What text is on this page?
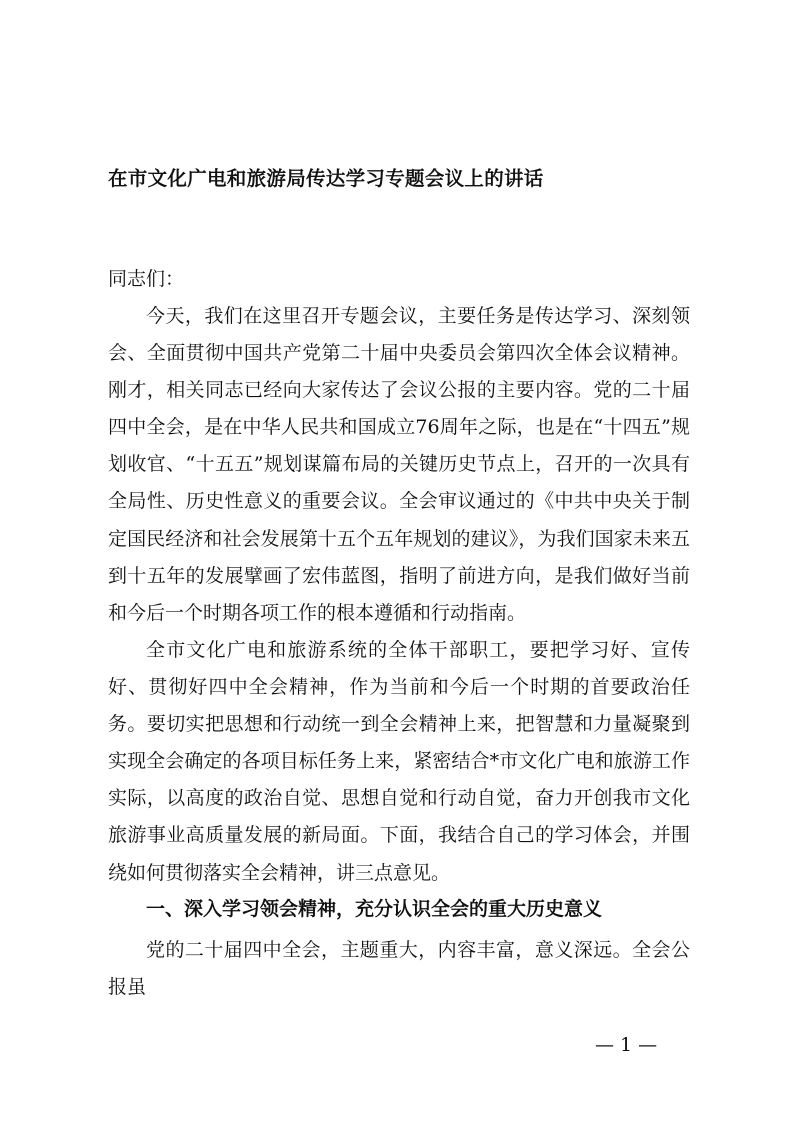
在市文化广电和旅游局传达学习专题会议上的讲话
同志们：

今天，我们在这里召开专题会议，主要任务是传达学习、深刻领会、全面贯彻中国共产党第二十届中央委员会第四次全体会议精神。刚才，相关同志已经向大家传达了会议公报的主要内容。党的二十届四中全会，是在中华人民共和国成立76周年之际，也是在“十四五”规划收官、“十五五”规划谋篇布局的关键历史节点上，召开的一次具有全局性、历史性意义的重要会议。全会审议通过的《中共中央关于制定国民经济和社会发展第十五个五年规划的建议》，为我们国家未来五到十五年的发展擘画了宏伟蓝图，指明了前进方向，是我们做好当前和今后一个时期各项工作的根本遵循和行动指南。

全市文化广电和旅游系统的全体干部职工，要把学习好、宣传好、贯彻好四中全会精神，作为当前和今后一个时期的首要政治任务。要切实把思想和行动统一到全会精神上来，把智慧和力量凝聚到实现全会确定的各项目标任务上来，紧密结合*市文化广电和旅游工作实际，以高度的政治自觉、思想自觉和行动自觉，奋力开创我市文化旅游事业高质量发展的新局面。下面，我结合自己的学习体会，并围绕如何贯彻落实全会精神，讲三点意见。

一、深入学习领会精神，充分认识全会的重大历史意义

党的二十届四中全会，主题重大，内容丰富，意义深远。全会公报虽

— 1 —
